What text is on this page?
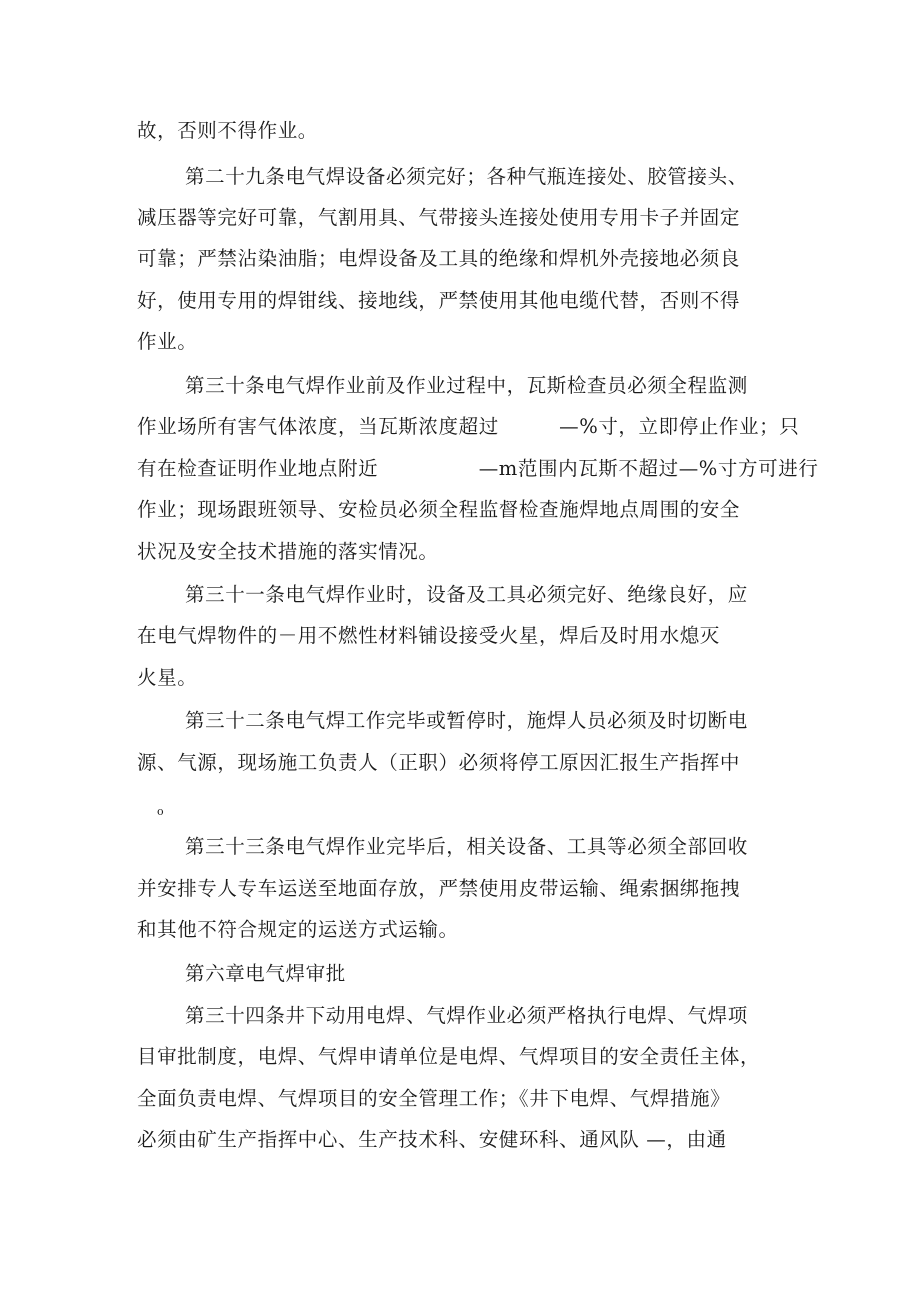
故，否则不得作业。
第二十九条电气焊设备必须完好；各种气瓶连接处、胶管接头、
减压器等完好可靠，气割用具、气带接头连接处使用专用卡子并固定
可靠；严禁沾染油脂；电焊设备及工具的绝缘和焊机外壳接地必须良
好，使用专用的焊钳线、接地线，严禁使用其他电缆代替，否则不得
作业。
第三十条电气焊作业前及作业过程中，瓦斯检查员必须全程监测
作业场所有害气体浓度，当瓦斯浓度超过　　　—%寸，立即停止作业；只
有在检查证明作业地点附近　　　　　—m范围内瓦斯不超过—%寸方可进行
作业；现场跟班领导、安检员必须全程监督检查施焊地点周围的安全
状况及安全技术措施的落实情况。
第三十一条电气焊作业时，设备及工具必须完好、绝缘良好，应
在电气焊物件的－用不燃性材料铺设接受火星，焊后及时用水熄灭
火星。
第三十二条电气焊工作完毕或暂停时，施焊人员必须及时切断电
源、气源，现场施工负责人（正职）必须将停工原因汇报生产指挥中
o
第三十三条电气焊作业完毕后，相关设备、工具等必须全部回收
并安排专人专车运送至地面存放，严禁使用皮带运输、绳索捆绑拖拽
和其他不符合规定的运送方式运输。
第六章电气焊审批
第三十四条井下动用电焊、气焊作业必须严格执行电焊、气焊项
目审批制度，电焊、气焊申请单位是电焊、气焊项目的安全责任主体，
全面负责电焊、气焊项目的安全管理工作；《井下电焊、气焊措施》
必须由矿生产指挥中心、生产技术科、安健环科、通风队 —，由通
